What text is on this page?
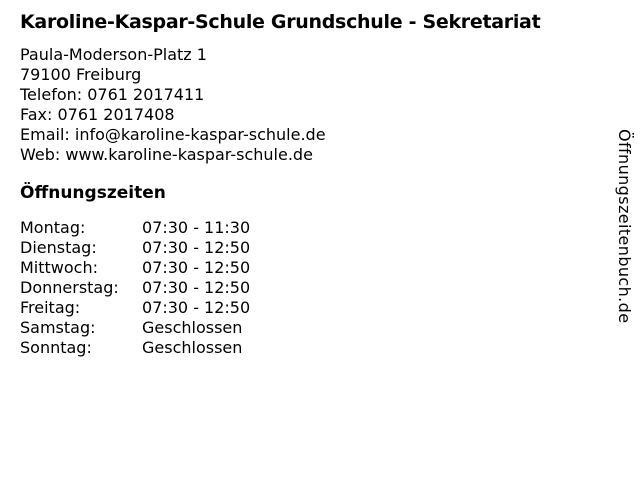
Karoline-Kaspar-Schule Grundschule - Sekretariat
Paula-Moderson-Platz 1
79100 Freiburg
Telefon: 0761 2017411
Fax: 0761 2017408
Email: info@karoline-kaspar-schule.de
Web: www.karoline-kaspar-schule.de
Öffnungszeiten
Montag:	07:30 - 11:30
Dienstag:	07:30 - 12:50
Mittwoch:	07:30 - 12:50
Donnerstag:	07:30 - 12:50
Freitag:	07:30 - 12:50
Samstag:	Geschlossen
Sonntag:	Geschlossen
Öffnungszeitenbuch.de
